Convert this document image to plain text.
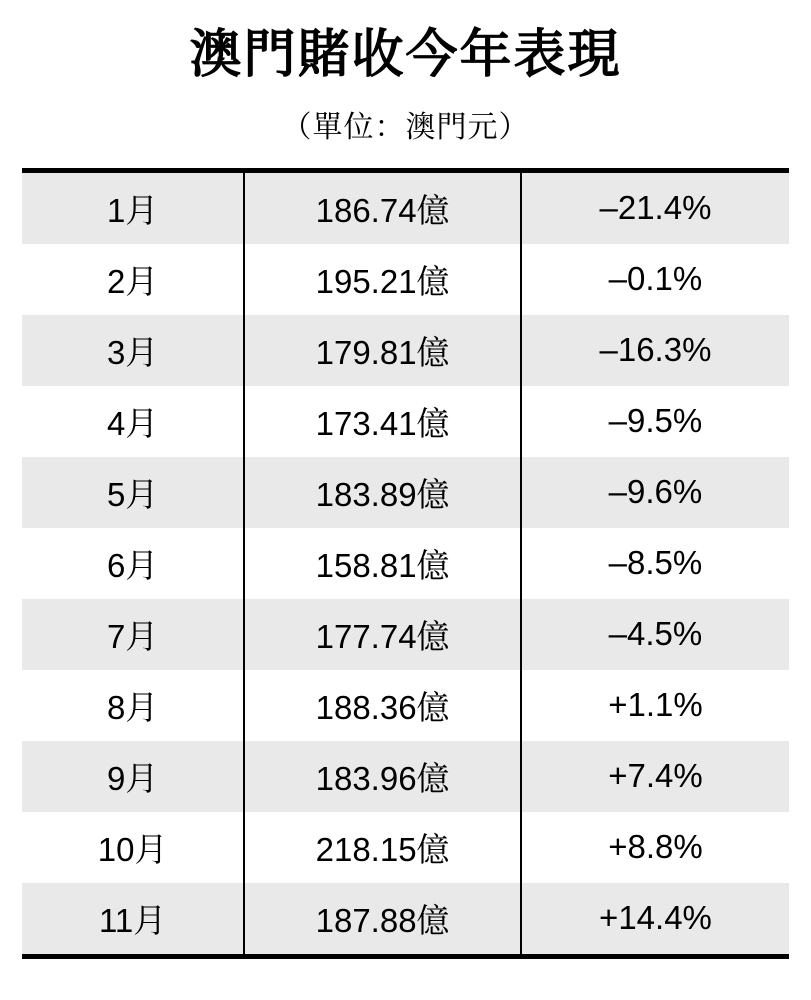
澳門賭收今年表現
（單位：澳門元）
1月	186.74億	–21.4%
2月	195.21億	–0.1%
3月	179.81億	–16.3%
4月	173.41億	–9.5%
5月	183.89億	–9.6%
6月	158.81億	–8.5%
7月	177.74億	–4.5%
8月	188.36億	+1.1%
9月	183.96億	+7.4%
10月	218.15億	+8.8%
11月	187.88億	+14.4%
